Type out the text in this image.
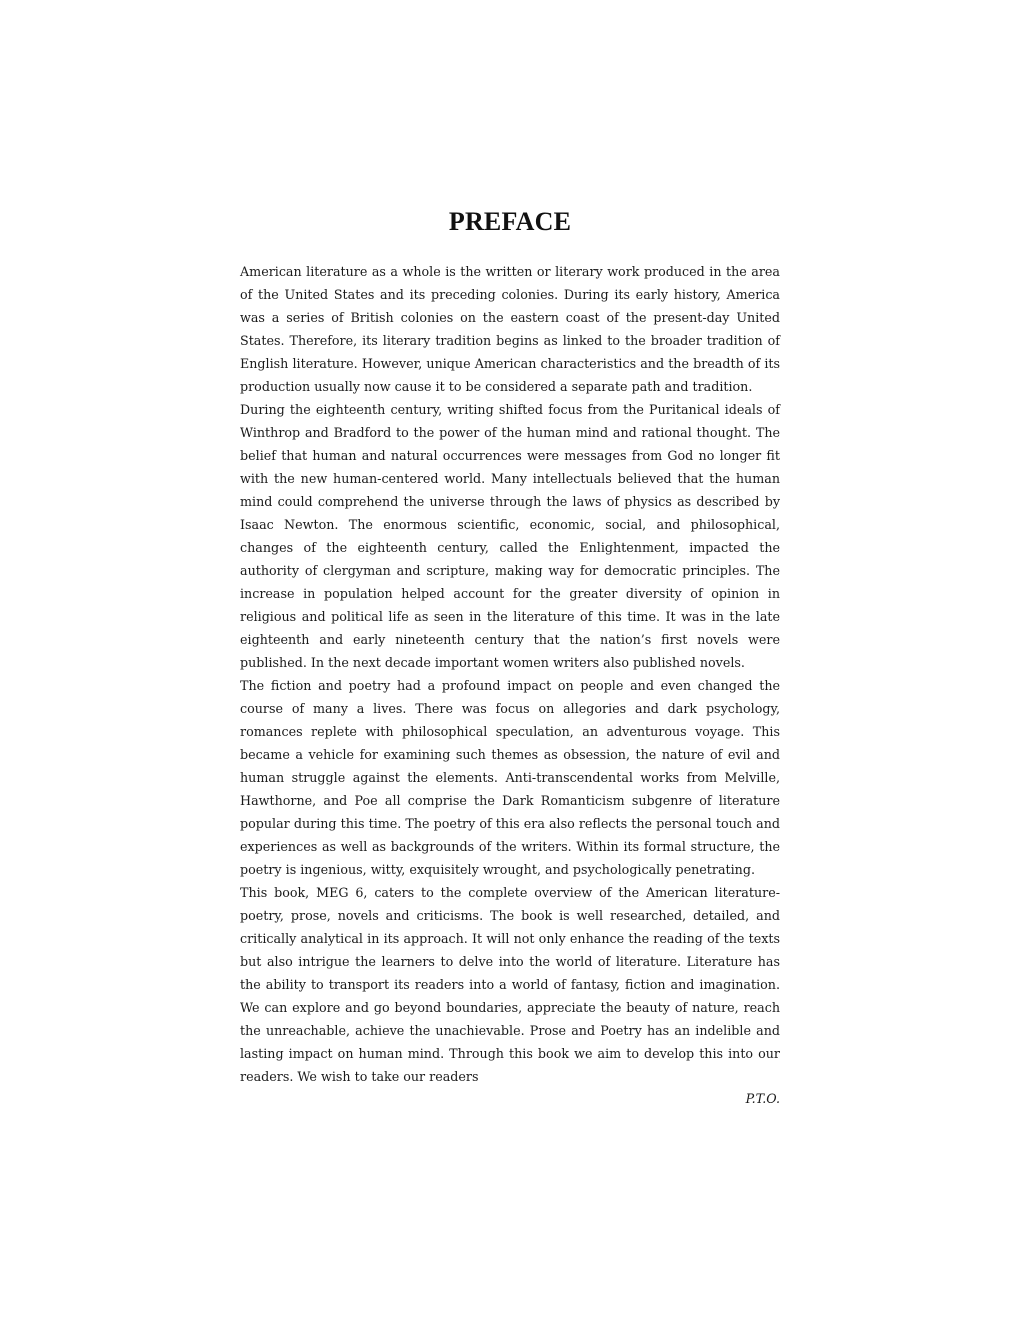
PREFACE

American literature as a whole is the written or literary work produced in the area of the United States and its preceding colonies. During its early history, America was a series of British colonies on the eastern coast of the present-day United States. Therefore, its literary tradition begins as linked to the broader tradition of English literature. However, unique American characteristics and the breadth of its production usually now cause it to be considered a separate path and tradition.

During the eighteenth century, writing shifted focus from the Puritanical ideals of Winthrop and Bradford to the power of the human mind and rational thought. The belief that human and natural occurrences were messages from God no longer fit with the new human-centered world. Many intellectuals believed that the human mind could comprehend the universe through the laws of physics as described by Isaac Newton. The enormous scientific, economic, social, and philosophical, changes of the eighteenth century, called the Enlightenment, impacted the authority of clergyman and scripture, making way for democratic principles. The increase in population helped account for the greater diversity of opinion in religious and political life as seen in the literature of this time. It was in the late eighteenth and early nineteenth century that the nation’s first novels were published. In the next decade important women writers also published novels.

The fiction and poetry had a profound impact on people and even changed the course of many a lives. There was focus on allegories and dark psychology, romances replete with philosophical speculation, an adventurous voyage. This became a vehicle for examining such themes as obsession, the nature of evil and human struggle against the elements. Anti-transcendental works from Melville, Hawthorne, and Poe all comprise the Dark Romanticism subgenre of literature popular during this time. The poetry of this era also reflects the personal touch and experiences as well as backgrounds of the writers. Within its formal structure, the poetry is ingenious, witty, exquisitely wrought, and psychologically penetrating.

This book, MEG 6, caters to the complete overview of the American literature-poetry, prose, novels and criticisms. The book is well researched, detailed, and critically analytical in its approach. It will not only enhance the reading of the texts but also intrigue the learners to delve into the world of literature. Literature has the ability to transport its readers into a world of fantasy, fiction and imagination. We can explore and go beyond boundaries, appreciate the beauty of nature, reach the unreachable, achieve the unachievable. Prose and Poetry has an indelible and lasting impact on human mind. Through this book we aim to develop this into our readers. We wish to take our readers

P.T.O.
